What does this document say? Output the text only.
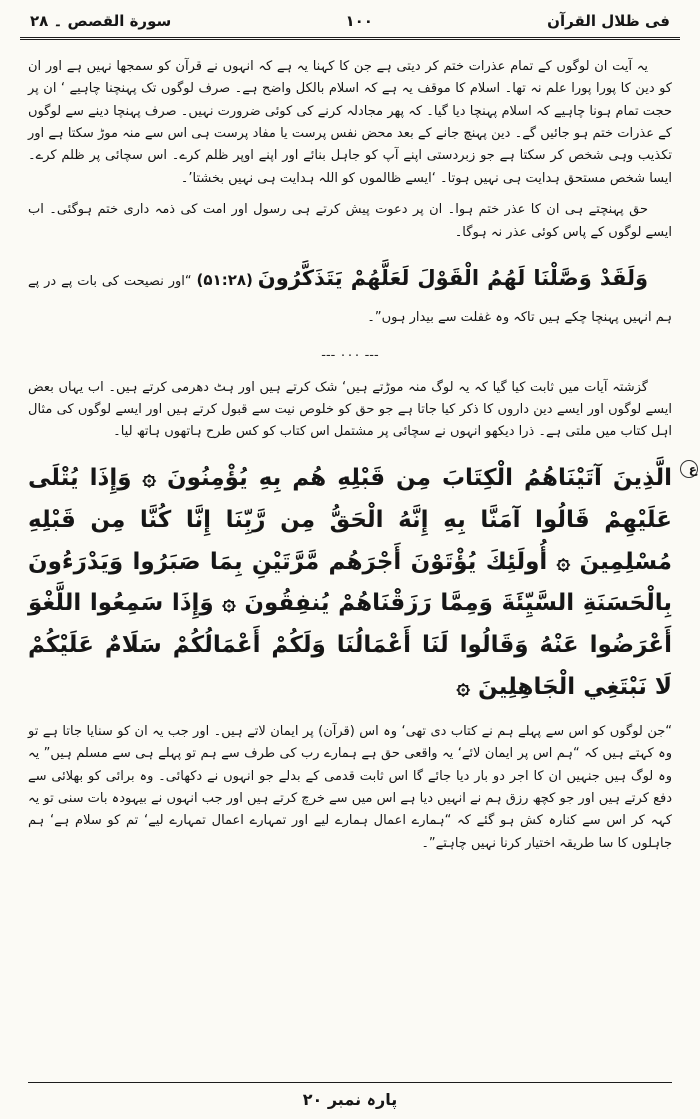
فی ظلال القرآن
۱۰۰
سورة القصص ۔ ۲۸

یہ آیت ان لوگوں کے تمام عذرات ختم کر دیتی ہے جن کا کہنا یہ ہے کہ انہوں نے قرآن کو سمجھا نہیں ہے اور ان کو دین کا پورا پورا علم نہ تھا۔ اسلام کا موقف یہ ہے کہ اسلام بالکل واضح ہے۔ صرف لوگوں تک پہنچنا چاہیے ‘ ان پر حجت تمام ہونا چاہیے کہ اسلام پہنچا دیا گیا۔ کہ پھر مجادلہ کرنے کی کوئی ضرورت نہیں۔ صرف پہنچا دینے سے لوگوں کے عذرات ختم ہو جائیں گے۔ دین پہنچ جانے کے بعد محض نفس پرست یا مفاد پرست ہی اس سے منہ موڑ سکتا ہے اور تکذیب وہی شخص کر سکتا ہے جو زبردستی اپنے آپ کو جاہل بنائے اور اپنے اوپر ظلم کرے۔ اس سچائی پر ظلم کرے۔ ایسا شخص مستحق ہدایت ہی نہیں ہوتا۔ ‘ایسے ظالموں کو اللہ ہدایت ہی نہیں بخشتا’۔

حق پہنچتے ہی ان کا عذر ختم ہوا۔ ان پر دعوت پیش کرتے ہی رسول اور امت کی ذمہ داری ختم ہوگئی۔ اب ایسے لوگوں کے پاس کوئی عذر نہ ہوگا۔

وَلَقَدْ وَصَّلْنَا لَهُمُ الْقَوْلَ لَعَلَّهُمْ يَتَذَكَّرُونَ (۵۱:۲۸) “اور نصیحت کی بات پے در پے ہم انہیں پہنچا چکے ہیں تاکہ وہ غفلت سے بیدار ہوں”۔

--- ۰۰۰ ---

گزشتہ آیات میں ثابت کیا گیا کہ یہ لوگ منہ موڑتے ہیں‘ شک کرتے ہیں اور ہٹ دھرمی کرتے ہیں۔ اب یہاں بعض ایسے لوگوں اور ایسے دین داروں کا ذکر کیا جاتا ہے جو حق کو خلوص نیت سے قبول کرتے ہیں اور ایسے لوگوں کی مثال اہل کتاب میں ملتی ہے۔ ذرا دیکھو انہوں نے سچائی پر مشتمل اس کتاب کو کس طرح ہاتھوں ہاتھ لیا۔

ع
الَّذِينَ آتَيْنَاهُمُ الْكِتَابَ مِن قَبْلِهِ هُم بِهِ يُؤْمِنُونَ ۞ وَإِذَا يُتْلَى عَلَيْهِمْ قَالُوا آمَنَّا بِهِ إِنَّهُ الْحَقُّ مِن رَّبِّنَا إِنَّا كُنَّا مِن قَبْلِهِ مُسْلِمِينَ ۞ أُولَئِكَ يُؤْتَوْنَ أَجْرَهُم مَّرَّتَيْنِ بِمَا صَبَرُوا وَيَدْرَءُونَ بِالْحَسَنَةِ السَّيِّئَةَ وَمِمَّا رَزَقْنَاهُمْ يُنفِقُونَ ۞ وَإِذَا سَمِعُوا اللَّغْوَ أَعْرَضُوا عَنْهُ وَقَالُوا لَنَا أَعْمَالُنَا وَلَكُمْ أَعْمَالُكُمْ سَلَامٌ عَلَيْكُمْ لَا نَبْتَغِي الْجَاهِلِينَ ۞

“جن لوگوں کو اس سے پہلے ہم نے کتاب دی تھی‘ وہ اس (قرآن) پر ایمان لاتے ہیں۔ اور جب یہ ان کو سنایا جاتا ہے تو وہ کہتے ہیں کہ “ہم اس پر ایمان لائے‘ یہ واقعی حق ہے ہمارے رب کی طرف سے ہم تو پہلے ہی سے مسلم ہیں” یہ وہ لوگ ہیں جنہیں ان کا اجر دو بار دیا جائے گا اس ثابت قدمی کے بدلے جو انہوں نے دکھائی۔ وہ برائی کو بھلائی سے دفع کرتے ہیں اور جو کچھ رزق ہم نے انہیں دیا ہے اس میں سے خرچ کرتے ہیں اور جب انہوں نے بیہودہ بات سنی تو یہ کہہ کر اس سے کنارہ کش ہو گئے کہ “ہمارے اعمال ہمارے لیے اور تمہارے اعمال تمہارے لیے‘ تم کو سلام ہے‘ ہم جاہلوں کا سا طریقہ اختیار کرنا نہیں چاہتے”۔

پارہ نمبر ۲۰
